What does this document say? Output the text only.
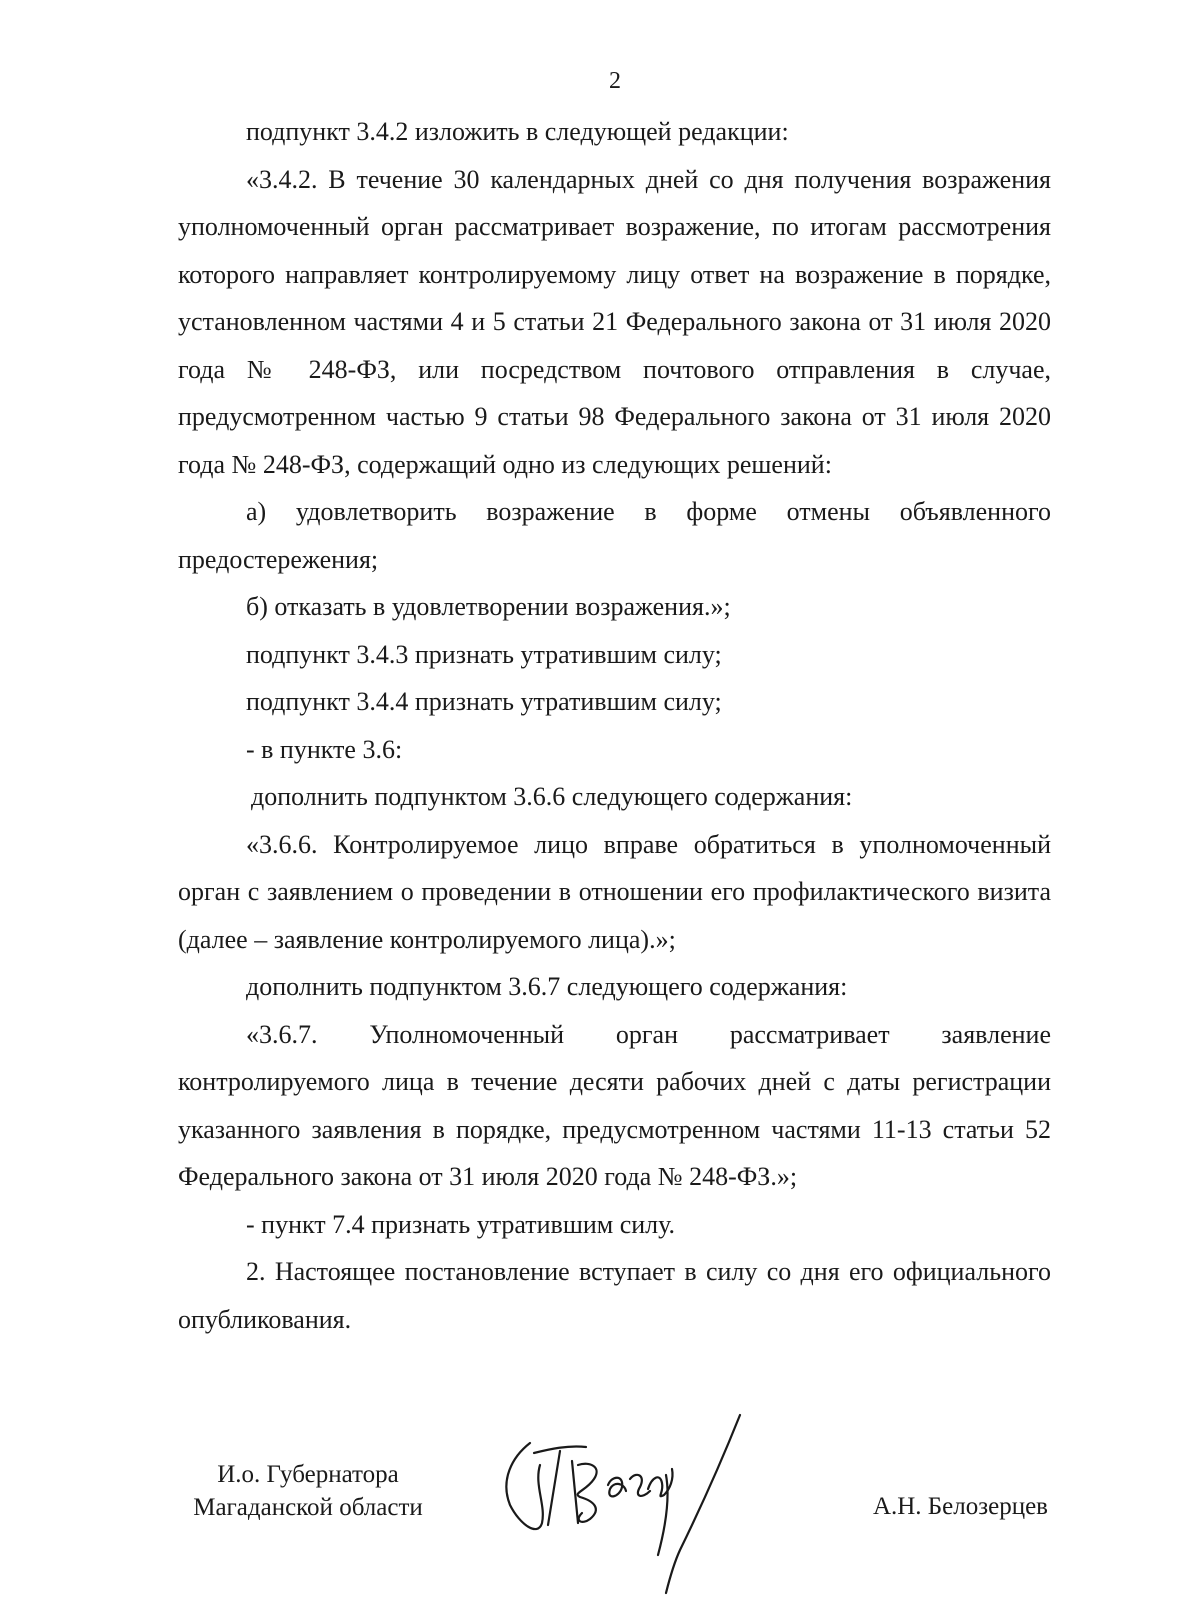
2

подпункт 3.4.2 изложить в следующей редакции:

«3.4.2. В течение 30 календарных дней со дня получения возражения уполномоченный орган рассматривает возражение, по итогам рассмотрения которого направляет контролируемому лицу ответ на возражение в порядке, установленном частями 4 и 5 статьи 21 Федерального закона от 31 июля 2020 года № 248-ФЗ, или посредством почтового отправления в случае, предусмотренном частью 9 статьи 98 Федерального закона от 31 июля 2020 года № 248-ФЗ, содержащий одно из следующих решений:

а) удовлетворить возражение в форме отмены объявленного предостережения;

б) отказать в удовлетворении возражения.»;

подпункт 3.4.3 признать утратившим силу;

подпункт 3.4.4 признать утратившим силу;

- в пункте 3.6:

дополнить подпунктом 3.6.6 следующего содержания:

«3.6.6. Контролируемое лицо вправе обратиться в уполномоченный орган с заявлением о проведении в отношении его профилактического визита (далее – заявление контролируемого лица).»;

дополнить подпунктом 3.6.7 следующего содержания:

«3.6.7. Уполномоченный орган рассматривает заявление контролируемого лица в течение десяти рабочих дней с даты регистрации указанного заявления в порядке, предусмотренном частями 11-13 статьи 52 Федерального закона от 31 июля 2020 года № 248-ФЗ.»;

- пункт 7.4 признать утратившим силу.

2. Настоящее постановление вступает в силу со дня его официального опубликования.

И.о. Губернатора
Магаданской области	А.Н. Белозерцев
